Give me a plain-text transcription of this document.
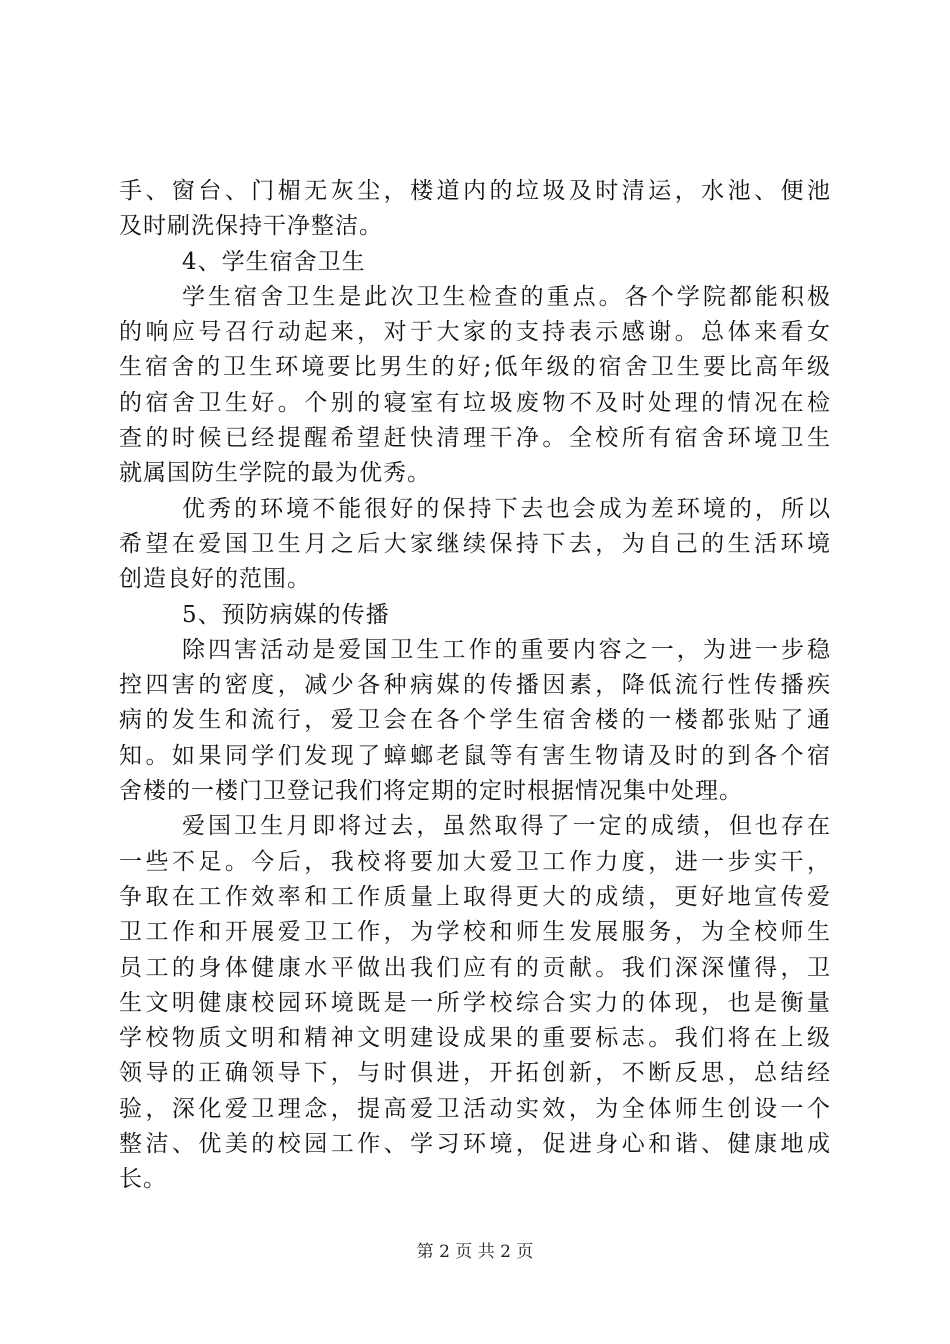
手、窗台、门楣无灰尘，楼道内的垃圾及时清运，水池、便池
及时刷洗保持干净整洁。
4、学生宿舍卫生
学生宿舍卫生是此次卫生检查的重点。各个学院都能积极
的响应号召行动起来，对于大家的支持表示感谢。总体来看女
生宿舍的卫生环境要比男生的好;低年级的宿舍卫生要比高年级
的宿舍卫生好。个别的寝室有垃圾废物不及时处理的情况在检
查的时候已经提醒希望赶快清理干净。全校所有宿舍环境卫生
就属国防生学院的最为优秀。
优秀的环境不能很好的保持下去也会成为差环境的，所以
希望在爱国卫生月之后大家继续保持下去，为自己的生活环境
创造良好的范围。
5、预防病媒的传播
除四害活动是爱国卫生工作的重要内容之一，为进一步稳
控四害的密度，减少各种病媒的传播因素，降低流行性传播疾
病的发生和流行，爱卫会在各个学生宿舍楼的一楼都张贴了通
知。如果同学们发现了蟑螂老鼠等有害生物请及时的到各个宿
舍楼的一楼门卫登记我们将定期的定时根据情况集中处理。
爱国卫生月即将过去，虽然取得了一定的成绩，但也存在
一些不足。今后，我校将要加大爱卫工作力度，进一步实干，
争取在工作效率和工作质量上取得更大的成绩，更好地宣传爱
卫工作和开展爱卫工作，为学校和师生发展服务，为全校师生
员工的身体健康水平做出我们应有的贡献。我们深深懂得，卫
生文明健康校园环境既是一所学校综合实力的体现，也是衡量
学校物质文明和精神文明建设成果的重要标志。我们将在上级
领导的正确领导下，与时俱进，开拓创新，不断反思，总结经
验，深化爱卫理念，提高爱卫活动实效，为全体师生创设一个
整洁、优美的校园工作、学习环境，促进身心和谐、健康地成
长。
第 2 页 共 2 页
